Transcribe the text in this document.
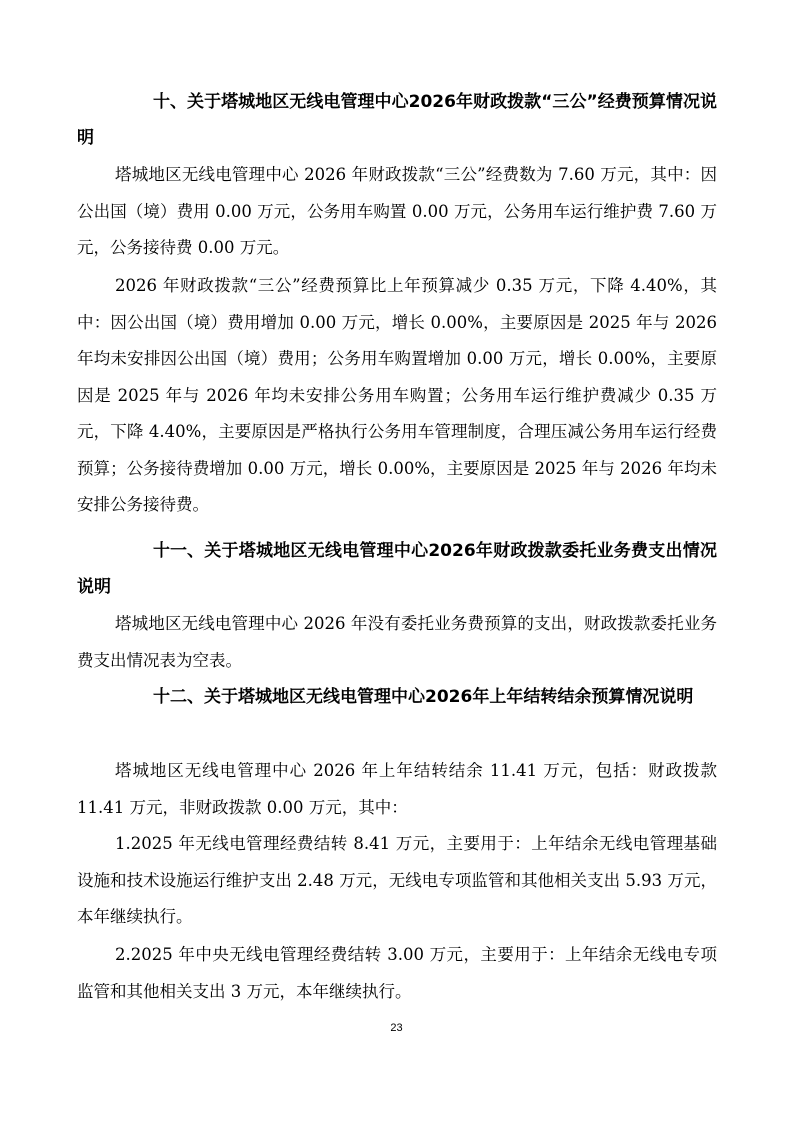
十、关于塔城地区无线电管理中心2026年财政拨款“三公”经费预算情况说明
塔城地区无线电管理中心 2026 年财政拨款“三公”经费数为 7.60 万元，其中：因公出国（境）费用 0.00 万元，公务用车购置 0.00 万元，公务用车运行维护费 7.60 万元，公务接待费 0.00 万元。
2026 年财政拨款“三公”经费预算比上年预算减少 0.35 万元，下降 4.40%，其中：因公出国（境）费用增加 0.00 万元，增长 0.00%，主要原因是 2025 年与 2026 年均未安排因公出国（境）费用；公务用车购置增加 0.00 万元，增长 0.00%，主要原因是 2025 年与 2026 年均未安排公务用车购置；公务用车运行维护费减少 0.35 万元，下降 4.40%，主要原因是严格执行公务用车管理制度，合理压减公务用车运行经费预算；公务接待费增加 0.00 万元，增长 0.00%，主要原因是 2025 年与 2026 年均未安排公务接待费。
十一、关于塔城地区无线电管理中心2026年财政拨款委托业务费支出情况说明
塔城地区无线电管理中心 2026 年没有委托业务费预算的支出，财政拨款委托业务费支出情况表为空表。
十二、关于塔城地区无线电管理中心2026年上年结转结余预算情况说明
塔城地区无线电管理中心 2026 年上年结转结余 11.41 万元，包括：财政拨款 11.41 万元，非财政拨款 0.00 万元，其中：
1.2025 年无线电管理经费结转 8.41 万元，主要用于：上年结余无线电管理基础设施和技术设施运行维护支出 2.48 万元，无线电专项监管和其他相关支出 5.93 万元，本年继续执行。
2.2025 年中央无线电管理经费结转 3.00 万元，主要用于：上年结余无线电专项监管和其他相关支出 3 万元，本年继续执行。
23
